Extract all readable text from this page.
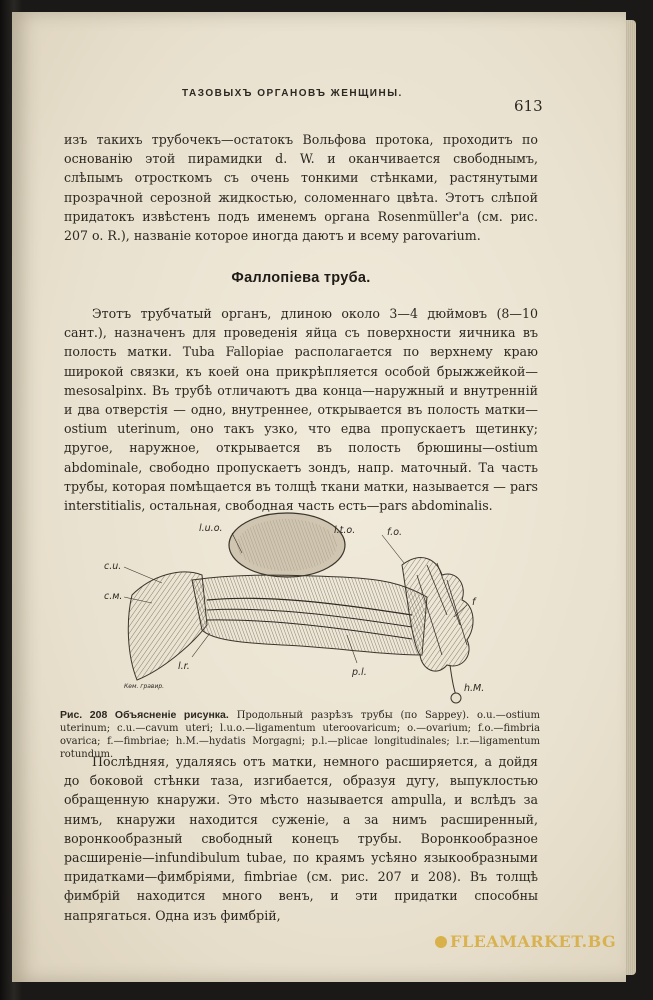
ТАЗОВЫХЪ ОРГАНОВЪ ЖЕНЩИНЫ.
613

изъ такихъ трубочекъ—остатокъ Вольфова протока, проходитъ по основанію этой пирамидки d. W. и оканчивается свободнымъ, слѣпымъ отросткомъ съ очень тонкими стѣнками, растянутыми прозрачной серозной жидкостью, соломеннаго цвѣта. Этотъ слѣпой придатокъ извѣстенъ подъ именемъ органа Rosenmüller'a (см. рис. 207 o. R.), названіе которое иногда даютъ и всему parovarium.

Фаллопіева труба.

Этотъ трубчатый органъ, длиною около 3—4 дюймовъ (8—10 сант.), назначенъ для проведенія яйца съ поверхности яичника въ полость матки. Tuba Fallopiae располагается по верхнему краю широкой связки, къ коей она прикрѣпляется особой брыжжейкой—mesosalpinx. Въ трубѣ отличаютъ два конца—наружный и внутренній и два отверстія — одно, внутреннее, открывается въ полость матки—ostium uterinum, оно такъ узко, что едва пропускаетъ щетинку; другое, наружное, открывается въ полость брюшины—ostium abdominale, свободно пропускаетъ зондъ, напр. маточный. Та часть трубы, которая помѣщается въ толщѣ ткани матки, называется — pars interstitialis, остальная, свободная часть есть—pars abdominalis.

l.u.o.	l.t.o.	f.o.
c.u.
c.м.
f
l.r.
p.l.
h.M.
Кем. гравир.

Рис. 208 Объясненіе рисунка. Продольный разрѣзъ трубы (по Sappey). o.u.—ostium uterinum; c.u.—cavum uteri; l.u.o.—ligamentum uteroovaricum; o.—ovarium; f.o.—fimbria ovarica; f.—fimbriae; h.M.—hydatis Morgagni; p.l.—plicae longitudinales; l.r.—ligamentum rotundum.

Послѣдняя, удаляясь отъ матки, немного расширяется, а дойдя до боковой стѣнки таза, изгибается, образуя дугу, выпуклостью обращенную кнаружи. Это мѣсто называется ampulla, и вслѣдъ за нимъ, кнаружи находится суженіе, а за нимъ расширенный, воронкообразный свободный конецъ трубы. Воронкообразное расширеніе—infundibulum tubae, по краямъ усѣяно языкообразными придатками—фимбріями, fimbriae (см. рис. 207 и 208). Въ толщѣ фимбрій находится много венъ, и эти придатки способны напрягаться. Одна изъ фимбрій,

FLEAMARKET.BG
